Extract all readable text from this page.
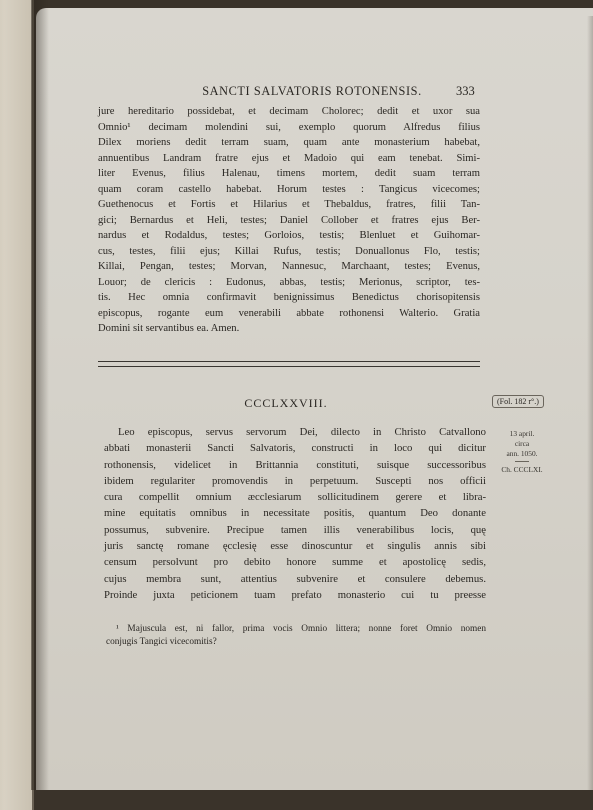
SANCTI SALVATORIS ROTONENSIS.	333
jure hereditario possidebat, et decimam Cholorec; dedit et uxor sua
Omnio¹ decimam molendini sui, exemplo quorum Alfredus filius
Dilex moriens dedit terram suam, quam ante monasterium habebat,
annuentibus Landram fratre ejus et Madoio qui eam tenebat. Simi-
liter Evenus, filius Halenau, timens mortem, dedit suam terram
quam coram castello habebat. Horum testes : Tangicus vicecomes;
Guethenocus et Fortis et Hilarius et Thebaldus, fratres, filii Tan-
gici; Bernardus et Heli, testes; Daniel Collober et fratres ejus Ber-
nardus et Rodaldus, testes; Gorloios, testis; Blenluet et Guihomar-
cus, testes, filii ejus; Killai Rufus, testis; Donuallonus Flo, testis;
Killai, Pengan, testes; Morvan, Nannesuc, Marchaant, testes; Evenus,
Louor; de clericis : Eudonus, abbas, testis; Merionus, scriptor, tes-
tis. Hec omnia confirmavit benignissimus Benedictus chorisopitensis
episcopus, rogante eum venerabili abbate rothonensi Walterio. Gratia
Domini sit servantibus ea. Amen.
CCCLXXVIII.	(Fol. 182 r°.)
13 april.
circa
ann. 1050.
Ch. CCCLXI.
Leo episcopus, servus servorum Dei, dilecto in Christo Catvallono
abbati monasterii Sancti Salvatoris, constructi in loco qui dicitur
rothonensis, videlicet in Brittannia constituti, suisque successoribus
ibidem regulariter promovendis in perpetuum. Suscepti nos officii
cura compellit omnium æcclesiarum sollicitudinem gerere et libra-
mine equitatis omnibus in necessitate positis, quantum Deo donante
possumus, subvenire. Precipue tamen illis venerabilibus locis, quę
juris sanctę romane ęcclesię esse dinoscuntur et singulis annis sibi
censum persolvunt pro debito honore summe et apostolicę sedis,
cujus membra sunt, attentius subvenire et consulere debemus.
Proinde juxta peticionem tuam prefato monasterio cui tu preesse
¹ Majuscula est, ni fallor, prima vocis Omnio littera; nonne foret Omnio nomen
conjugis Tangici vicecomitis?
